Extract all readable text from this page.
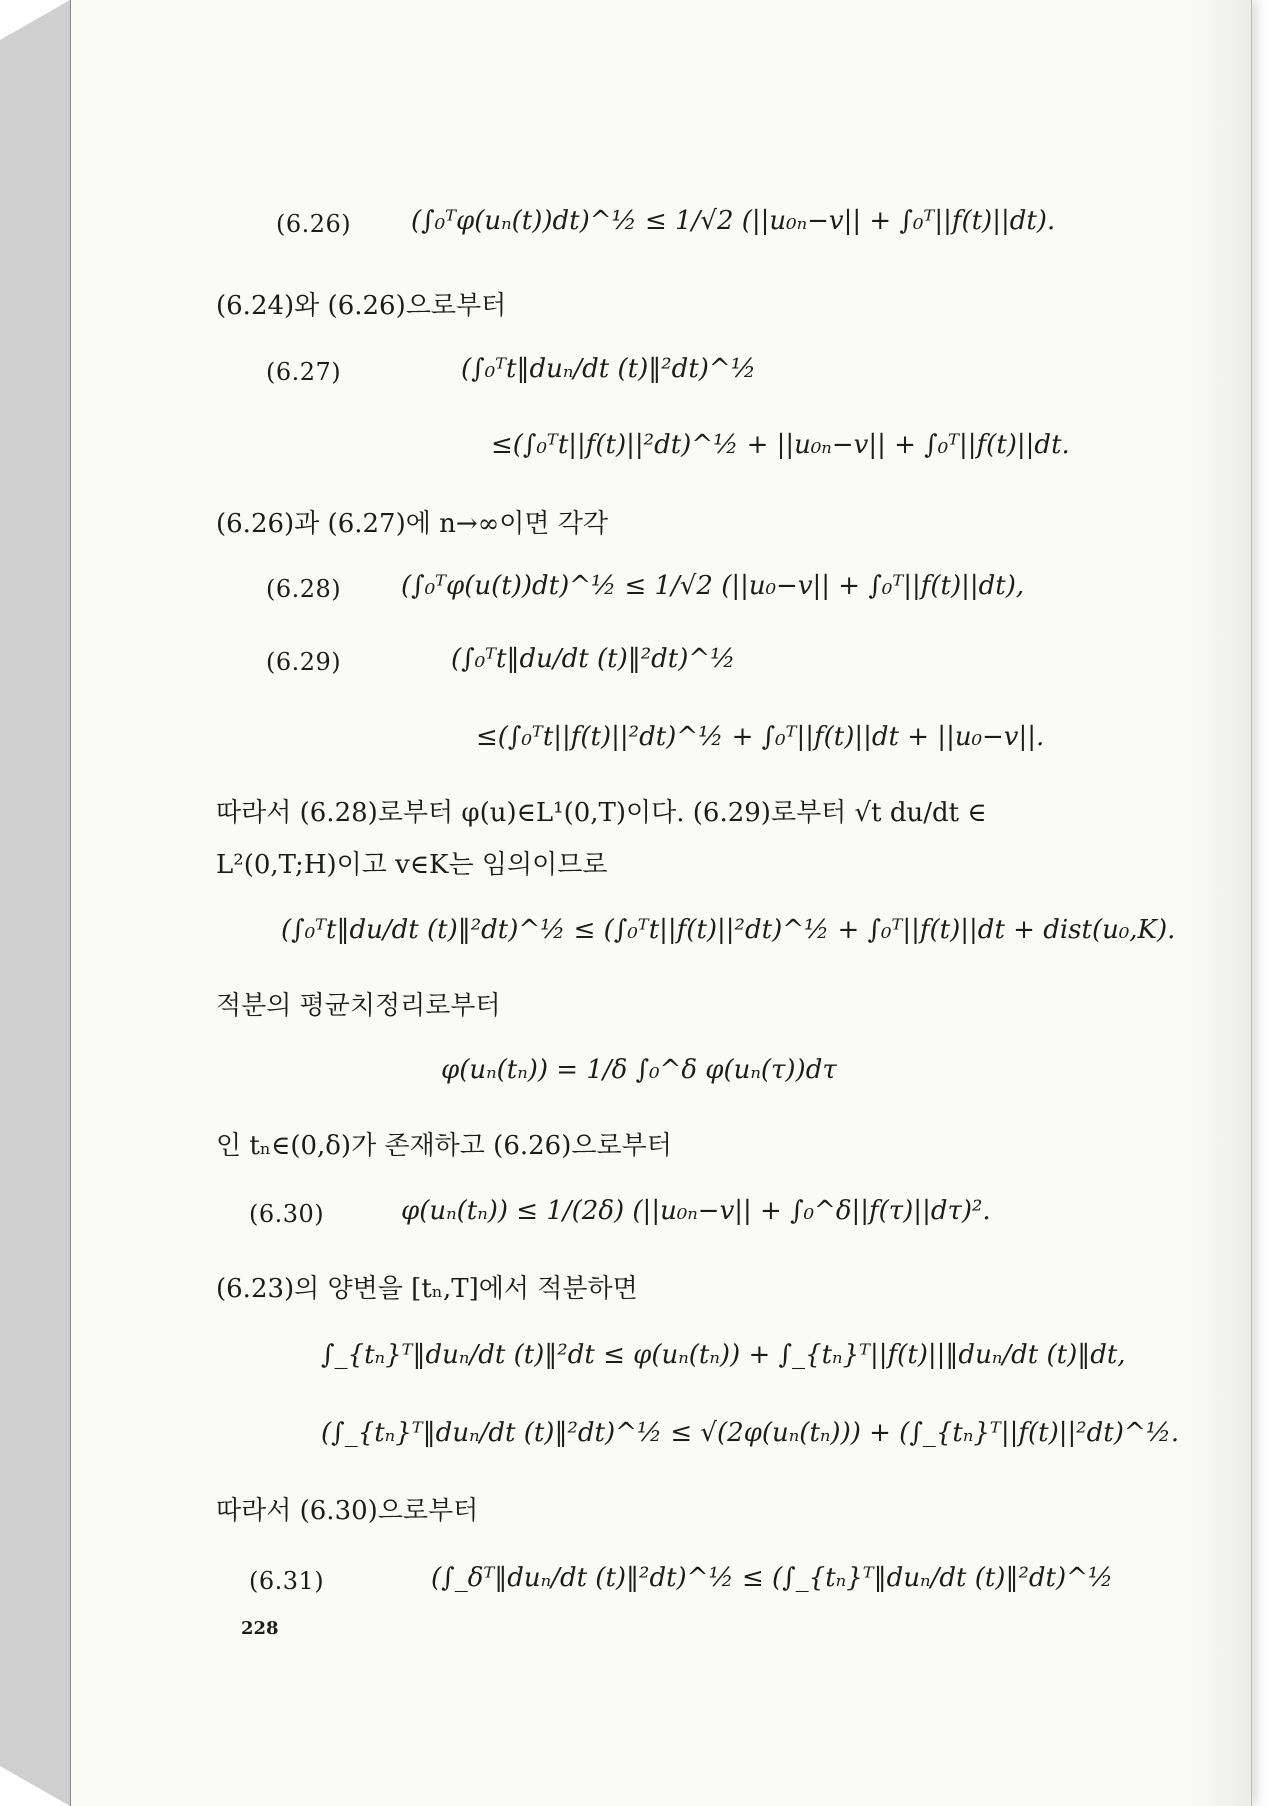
(6.26) (∫₀ᵀφ(uₙ(t))dt)^½ ≤ 1/√2 (||u₀ₙ−v|| + ∫₀ᵀ||f(t)||dt).
(6.24)와 (6.26)으로부터
(6.27)	(∫₀ᵀt‖duₙ/dt (t)‖²dt)^½
≤(∫₀ᵀt||f(t)||²dt)^½ + ||u₀ₙ−v|| + ∫₀ᵀ||f(t)||dt.
(6.26)과 (6.27)에 n→∞이면 각각
(6.28) (∫₀ᵀφ(u(t))dt)^½ ≤ 1/√2 (||u₀−v|| + ∫₀ᵀ||f(t)||dt),
(6.29)	(∫₀ᵀt‖du/dt (t)‖²dt)^½
≤(∫₀ᵀt||f(t)||²dt)^½ + ∫₀ᵀ||f(t)||dt + ||u₀−v||.
따라서 (6.28)로부터 φ(u)∈L¹(0,T)이다. (6.29)로부터 √t du/dt ∈
L²(0,T;H)이고 v∈K는 임의이므로
(∫₀ᵀt‖du/dt (t)‖²dt)^½ ≤ (∫₀ᵀt||f(t)||²dt)^½ + ∫₀ᵀ||f(t)||dt + dist(u₀,K).
적분의 평균치정리로부터
φ(uₙ(tₙ)) = 1/δ ∫₀^δ φ(uₙ(τ))dτ
인 tₙ∈(0,δ)가 존재하고 (6.26)으로부터
(6.30)	φ(uₙ(tₙ)) ≤ 1/(2δ) (||u₀ₙ−v|| + ∫₀^δ||f(τ)||dτ)².
(6.23)의 양변을 [tₙ,T]에서 적분하면
∫_{tₙ}ᵀ‖duₙ/dt (t)‖²dt ≤ φ(uₙ(tₙ)) + ∫_{tₙ}ᵀ||f(t)||‖duₙ/dt (t)‖dt,
(∫_{tₙ}ᵀ‖duₙ/dt (t)‖²dt)^½ ≤ √(2φ(uₙ(tₙ))) + (∫_{tₙ}ᵀ||f(t)||²dt)^½.
따라서 (6.30)으로부터
(6.31)	(∫_δᵀ‖duₙ/dt (t)‖²dt)^½ ≤ (∫_{tₙ}ᵀ‖duₙ/dt (t)‖²dt)^½
228
